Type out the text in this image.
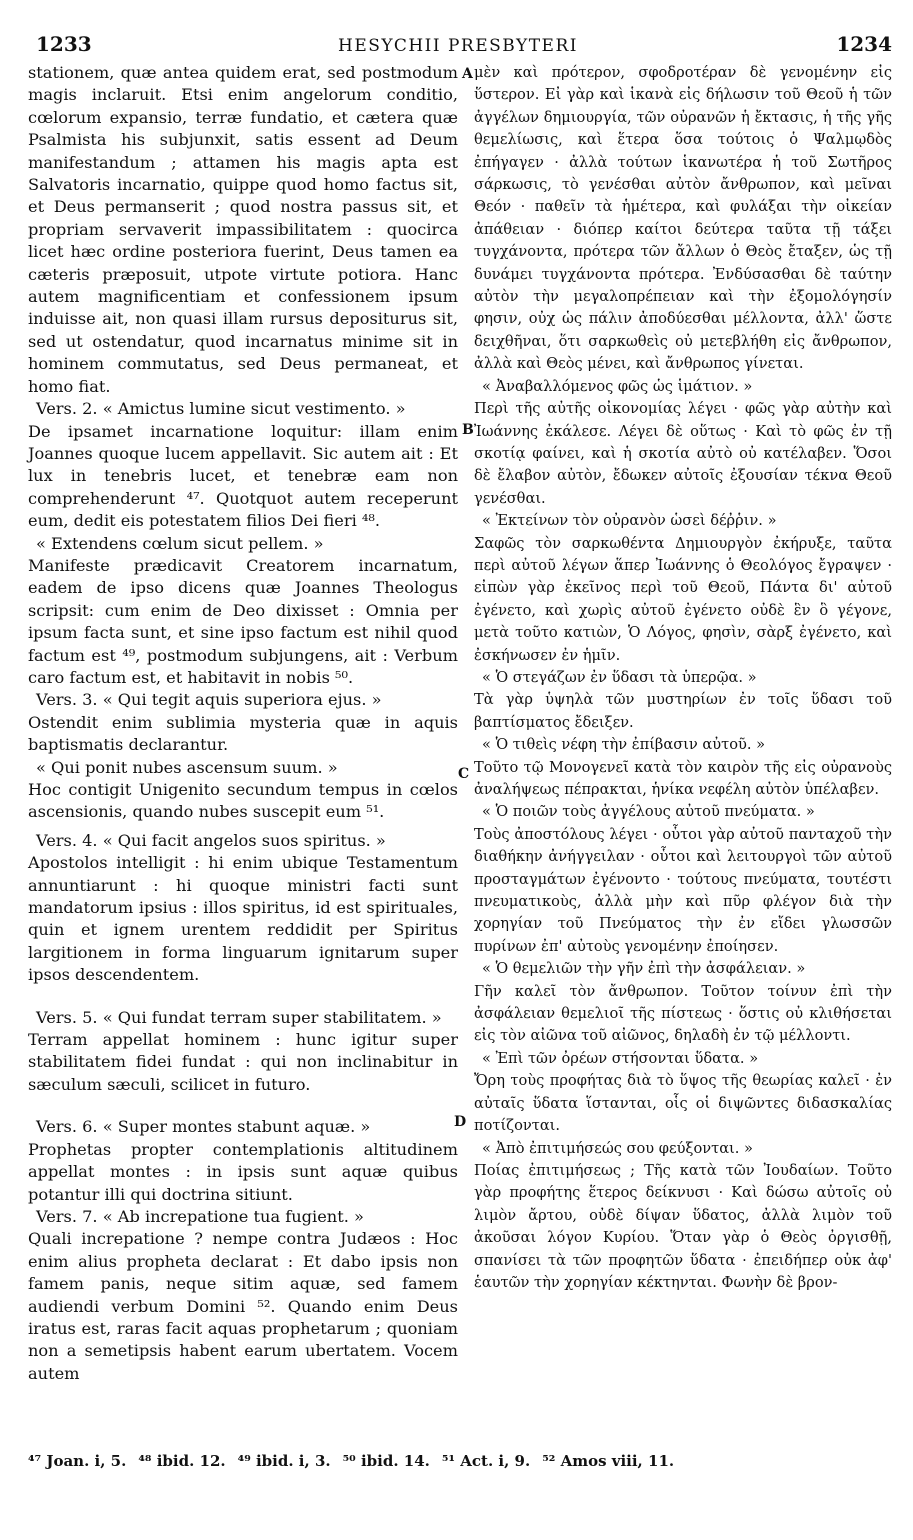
1233	HESYCHII PRESBYTERI	1234

stationem, quæ antea quidem erat, sed postmodum magis inclaruit. Etsi enim angelorum conditio, cœlorum expansio, terræ fundatio, et cætera quæ Psalmista his subjunxit, satis essent ad Deum manifestandum ; attamen his magis apta est Salvatoris incarnatio, quippe quod homo factus sit, et Deus permanserit ; quod nostra passus sit, et propriam servaverit impassibilitatem : quocirca licet hæc ordine posteriora fuerint, Deus tamen ea cæteris præposuit, utpote virtute potiora. Hanc autem magnificentiam et confessionem ipsum induisse ait, non quasi illam rursus depositurus sit, sed ut ostendatur, quod incarnatus minime sit in hominem commutatus, sed Deus permaneat, et homo fiat.

Vers. 2. « Amictus lumine sicut vestimento. »

De ipsamet incarnatione loquitur: illam enim Joannes quoque lucem appellavit. Sic autem ait : Et lux in tenebris lucet, et tenebræ eam non comprehenderunt ⁴⁷. Quotquot autem receperunt eum, dedit eis potestatem filios Dei fieri ⁴⁸.

« Extendens cœlum sicut pellem. »

Manifeste prædicavit Creatorem incarnatum, eadem de ipso dicens quæ Joannes Theologus scripsit: cum enim de Deo dixisset : Omnia per ipsum facta sunt, et sine ipso factum est nihil quod factum est ⁴⁹, postmodum subjungens, ait : Verbum caro factum est, et habitavit in nobis ⁵⁰.

Vers. 3. « Qui tegit aquis superiora ejus. »

Ostendit enim sublimia mysteria quæ in aquis baptismatis declarantur.

« Qui ponit nubes ascensum suum. »

Hoc contigit Unigenito secundum tempus in cœlos ascensionis, quando nubes suscepit eum ⁵¹.

Vers. 4. « Qui facit angelos suos spiritus. »

Apostolos intelligit : hi enim ubique Testamentum annuntiarunt : hi quoque ministri facti sunt mandatorum ipsius : illos spiritus, id est spirituales, quin et ignem urentem reddidit per Spiritus largitionem in forma linguarum ignitarum super ipsos descendentem.

Vers. 5. « Qui fundat terram super stabilitatem. »

Terram appellat hominem : hunc igitur super stabilitatem fidei fundat : qui non inclinabitur in sæculum sæculi, scilicet in futuro.

Vers. 6. « Super montes stabunt aquæ. »

Prophetas propter contemplationis altitudinem appellat montes : in ipsis sunt aquæ quibus potantur illi qui doctrina sitiunt.

Vers. 7. « Ab increpatione tua fugient. »

Quali increpatione ? nempe contra Judæos : Hoc enim alius propheta declarat : Et dabo ipsis non famem panis, neque sitim aquæ, sed famem audiendi verbum Domini ⁵². Quando enim Deus iratus est, raras facit aquas prophetarum ; quoniam non a semetipsis habent earum ubertatem. Vocem autem

μὲν καὶ πρότερον, σφοδροτέραν δὲ γενομένην εἰς ὕστερον. Εἰ γὰρ καὶ ἱκανὰ εἰς δήλωσιν τοῦ Θεοῦ ἡ τῶν ἀγγέλων δημιουργία, τῶν οὐρανῶν ἡ ἔκτασις, ἡ τῆς γῆς θεμελίωσις, καὶ ἕτερα ὅσα τούτοις ὁ Ψαλμῳδὸς ἐπήγαγεν · ἀλλὰ τούτων ἱκανωτέρα ἡ τοῦ Σωτῆρος σάρκωσις, τὸ γενέσθαι αὐτὸν ἄνθρωπον, καὶ μεῖναι Θεόν · παθεῖν τὰ ἡμέτερα, καὶ φυλάξαι τὴν οἰκείαν ἀπάθειαν · διόπερ καίτοι δεύτερα ταῦτα τῇ τάξει τυγχάνοντα, πρότερα τῶν ἄλλων ὁ Θεὸς ἔταξεν, ὡς τῇ δυνάμει τυγχάνοντα πρότερα. Ἐνδύσασθαι δὲ ταύτην αὐτὸν τὴν μεγαλοπρέπειαν καὶ τὴν ἐξομολόγησίν φησιν, οὐχ ὡς πάλιν ἀποδύεσθαι μέλλοντα, ἀλλ' ὥστε δειχθῆναι, ὅτι σαρκωθεὶς οὐ μετεβλήθη εἰς ἄνθρωπον, ἀλλὰ καὶ Θεὸς μένει, καὶ ἄνθρωπος γίνεται.

« Ἀναβαλλόμενος φῶς ὡς ἱμάτιον. »

Περὶ τῆς αὐτῆς οἰκονομίας λέγει · φῶς γὰρ αὐτὴν καὶ Ἰωάννης ἐκάλεσε. Λέγει δὲ οὕτως · Καὶ τὸ φῶς ἐν τῇ σκοτίᾳ φαίνει, καὶ ἡ σκοτία αὐτὸ οὐ κατέλαβεν. Ὅσοι δὲ ἔλαβον αὐτὸν, ἔδωκεν αὐτοῖς ἐξουσίαν τέκνα Θεοῦ γενέσθαι.

« Ἐκτείνων τὸν οὐρανὸν ὡσεὶ δέῤῥιν. »

Σαφῶς τὸν σαρκωθέντα Δημιουργὸν ἐκήρυξε, ταῦτα περὶ αὐτοῦ λέγων ἅπερ Ἰωάννης ὁ Θεολόγος ἔγραψεν · εἰπὼν γὰρ ἐκεῖνος περὶ τοῦ Θεοῦ, Πάντα δι' αὐτοῦ ἐγένετο, καὶ χωρὶς αὐτοῦ ἐγένετο οὐδὲ ἓν ὃ γέγονε, μετὰ τοῦτο κατιὼν, Ὁ Λόγος, φησὶν, σὰρξ ἐγένετο, καὶ ἐσκήνωσεν ἐν ἡμῖν.

« Ὁ στεγάζων ἐν ὕδασι τὰ ὑπερῷα. »

Τὰ γὰρ ὑψηλὰ τῶν μυστηρίων ἐν τοῖς ὕδασι τοῦ βαπτίσματος ἔδειξεν.

« Ὁ τιθεὶς νέφη τὴν ἐπίβασιν αὐτοῦ. »

Τοῦτο τῷ Μονογενεῖ κατὰ τὸν καιρὸν τῆς εἰς οὐρανοὺς ἀναλήψεως πέπρακται, ἡνίκα νεφέλη αὐτὸν ὑπέλαβεν.

« Ὁ ποιῶν τοὺς ἀγγέλους αὐτοῦ πνεύματα. »

Τοὺς ἀποστόλους λέγει · οὗτοι γὰρ αὐτοῦ πανταχοῦ τὴν διαθήκην ἀνήγγειλαν · οὗτοι καὶ λειτουργοὶ τῶν αὐτοῦ προσταγμάτων ἐγένοντο · τούτους πνεύματα, τουτέστι πνευματικοὺς, ἀλλὰ μὴν καὶ πῦρ φλέγον διὰ τὴν χορηγίαν τοῦ Πνεύματος τὴν ἐν εἴδει γλωσσῶν πυρίνων ἐπ' αὐτοὺς γενομένην ἐποίησεν.

« Ὁ θεμελιῶν τὴν γῆν ἐπὶ τὴν ἀσφάλειαν. »

Γῆν καλεῖ τὸν ἄνθρωπον. Τοῦτον τοίνυν ἐπὶ τὴν ἀσφάλειαν θεμελιοῖ τῆς πίστεως · ὅστις οὐ κλιθήσεται εἰς τὸν αἰῶνα τοῦ αἰῶνος, δηλαδὴ ἐν τῷ μέλλοντι.

« Ἐπὶ τῶν ὀρέων στήσονται ὕδατα. »

Ὄρη τοὺς προφήτας διὰ τὸ ὕψος τῆς θεωρίας καλεῖ · ἐν αὐταῖς ὕδατα ἵστανται, οἷς οἱ διψῶντες διδασκαλίας ποτίζονται.

« Ἀπὸ ἐπιτιμήσεώς σου φεύξονται. »

Ποίας ἐπιτιμήσεως ; Τῆς κατὰ τῶν Ἰουδαίων. Τοῦτο γὰρ προφήτης ἕτερος δείκνυσι · Καὶ δώσω αὐτοῖς οὐ λιμὸν ἄρτου, οὐδὲ δίψαν ὕδατος, ἀλλὰ λιμὸν τοῦ ἀκοῦσαι λόγον Κυρίου. Ὅταν γὰρ ὁ Θεὸς ὀργισθῇ, σπανίσει τὰ τῶν προφητῶν ὕδατα · ἐπειδήπερ οὐκ ἀφ' ἑαυτῶν τὴν χορηγίαν κέκτηνται. Φωνὴν δὲ βρον-

A
B
C
D
⁴⁷ Joan. i, 5. ⁴⁸ ibid. 12. ⁴⁹ ibid. i, 3. ⁵⁰ ibid. 14. ⁵¹ Act. i, 9. ⁵² Amos viii, 11.
